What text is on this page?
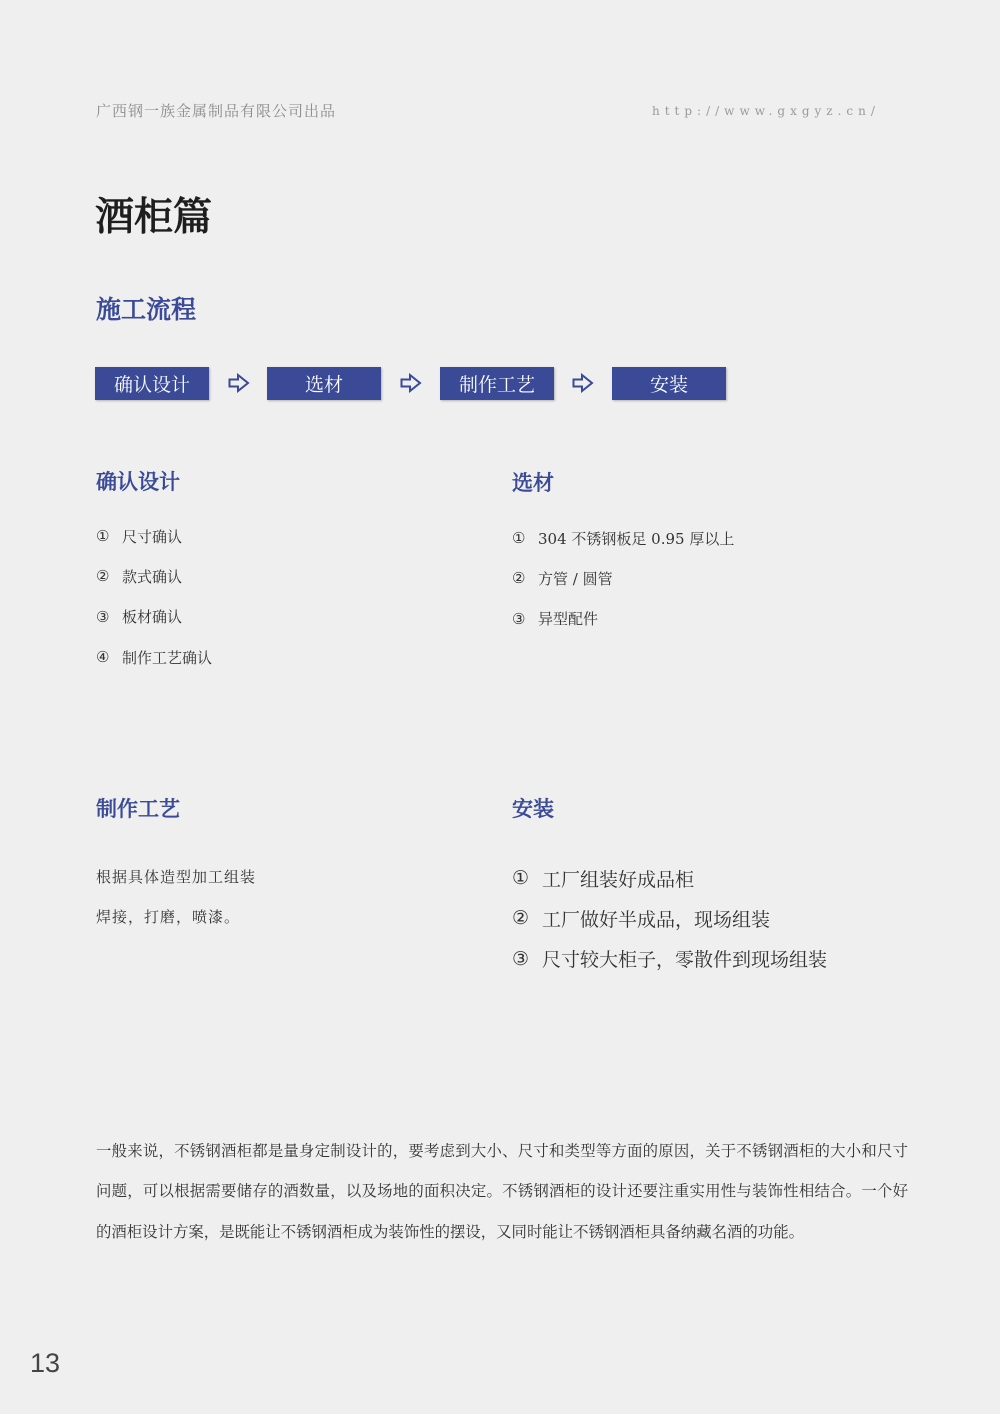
广西钢一族金属制品有限公司出品	http://www.gxgyz.cn/
酒柜篇
施工流程
确认设计	选材	制作工艺	安装
确认设计
① 尺寸确认
② 款式确认
③ 板材确认
④ 制作工艺确认
选材
① 304 不锈钢板足 0.95 厚以上
② 方管 / 圆管
③ 异型配件
制作工艺
根据具体造型加工组装
焊接，打磨，喷漆。
安装
① 工厂组装好成品柜
② 工厂做好半成品，现场组装
③ 尺寸较大柜子，零散件到现场组装
一般来说，不锈钢酒柜都是量身定制设计的，要考虑到大小、尺寸和类型等方面的原因，关于不锈钢酒柜的大小和尺寸问题，可以根据需要储存的酒数量，以及场地的面积决定。不锈钢酒柜的设计还要注重实用性与装饰性相结合。一个好的酒柜设计方案，是既能让不锈钢酒柜成为装饰性的摆设，又同时能让不锈钢酒柜具备纳藏名酒的功能。
13
